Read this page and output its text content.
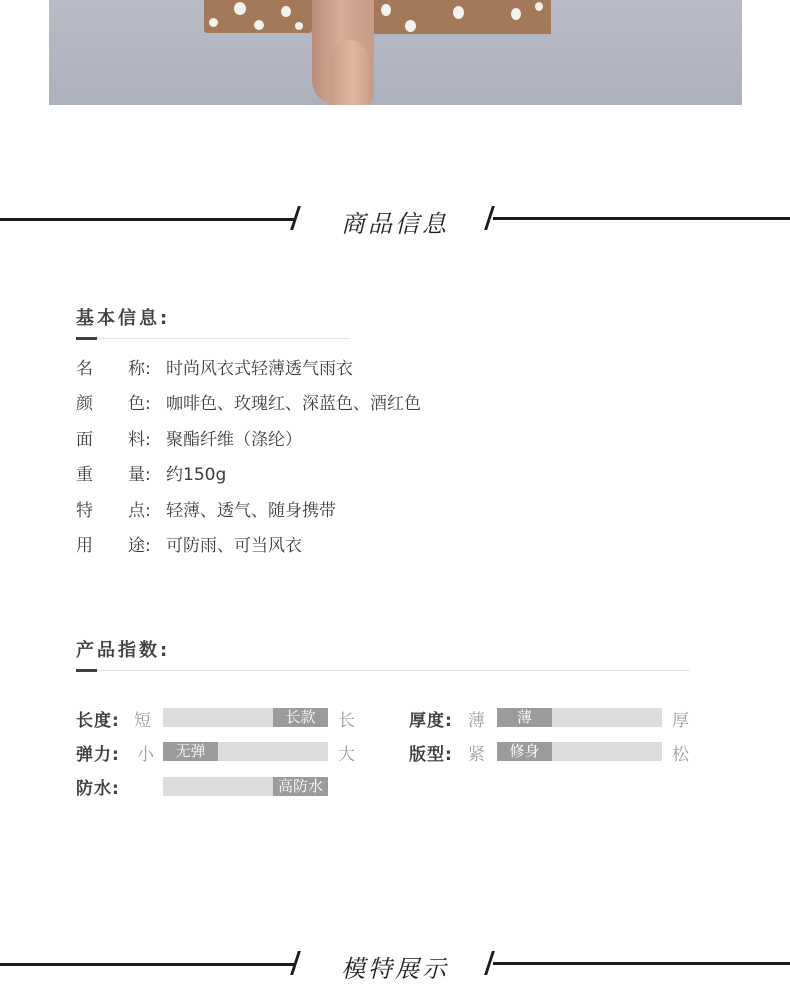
商品信息
基本信息:
名 称: 时尚风衣式轻薄透气雨衣
颜 色: 咖啡色、玫瑰红、深蓝色、酒红色
面 料: 聚酯纤维（涤纶）
重 量: 约150g
特 点: 轻薄、透气、随身携带
用 途: 可防雨、可当风衣
产品指数:
长度: 短	长款	长	厚度: 薄	薄	厚
弹力: 小	无弹	大	版型: 紧	修身	松
防水:	高防水
模特展示
